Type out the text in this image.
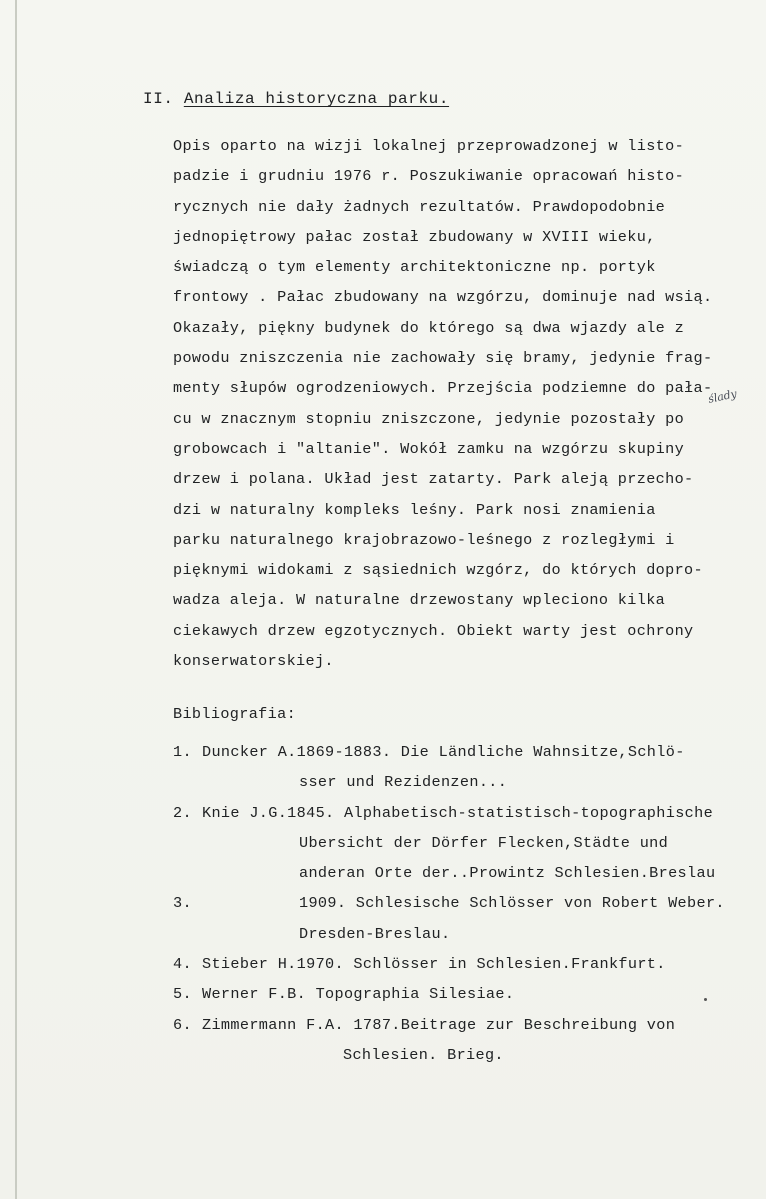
II. Analiza historyczna parku.
Opis oparto na wizji lokalnej przeprowadzonej w listo-
padzie i grudniu 1976 r. Poszukiwanie opracowań histo-
rycznych nie dały żadnych rezultatów. Prawdopodobnie
jednopiętrowy pałac został zbudowany w XVIII wieku,
świadczą o tym elementy architektoniczne np. portyk
frontowy . Pałac zbudowany na wzgórzu, dominuje nad wsią.
Okazały, piękny budynek do którego są dwa wjazdy ale z
powodu zniszczenia nie zachowały się bramy, jedynie frag-
menty słupów ogrodzeniowych. Przejścia podziemne do pała-
cu w znacznym stopniu zniszczone, jedynie pozostały po
grobowcach i "altanie". Wokół zamku na wzgórzu skupiny
drzew i polana. Układ jest zatarty. Park aleją przecho-
dzi w naturalny kompleks leśny. Park nosi znamienia
parku naturalnego krajobrazowo-leśnego z rozległymi i
pięknymi widokami z sąsiednich wzgórz, do których dopro-
wadza aleja. W naturalne drzewostany wpleciono kilka
ciekawych drzew egzotycznych. Obiekt warty jest ochrony
konserwatorskiej.
ślady
Bibliografia:
1. Duncker A.1869-1883. Die Ländliche Wahnsitze,Schlö-
sser und Rezidenzen...
2. Knie J.G.1845. Alphabetisch-statistisch-topographische
Ubersicht der Dörfer Flecken,Städte und
anderan Orte der..Prowintz Schlesien.Breslau
3.	1909. Schlesische Schlösser von Robert Weber.
Dresden-Breslau.
4. Stieber H.1970. Schlösser in Schlesien.Frankfurt.
5. Werner F.B. Topographia Silesiae.
6. Zimmermann F.A. 1787.Beitrage zur Beschreibung von
Schlesien. Brieg.
